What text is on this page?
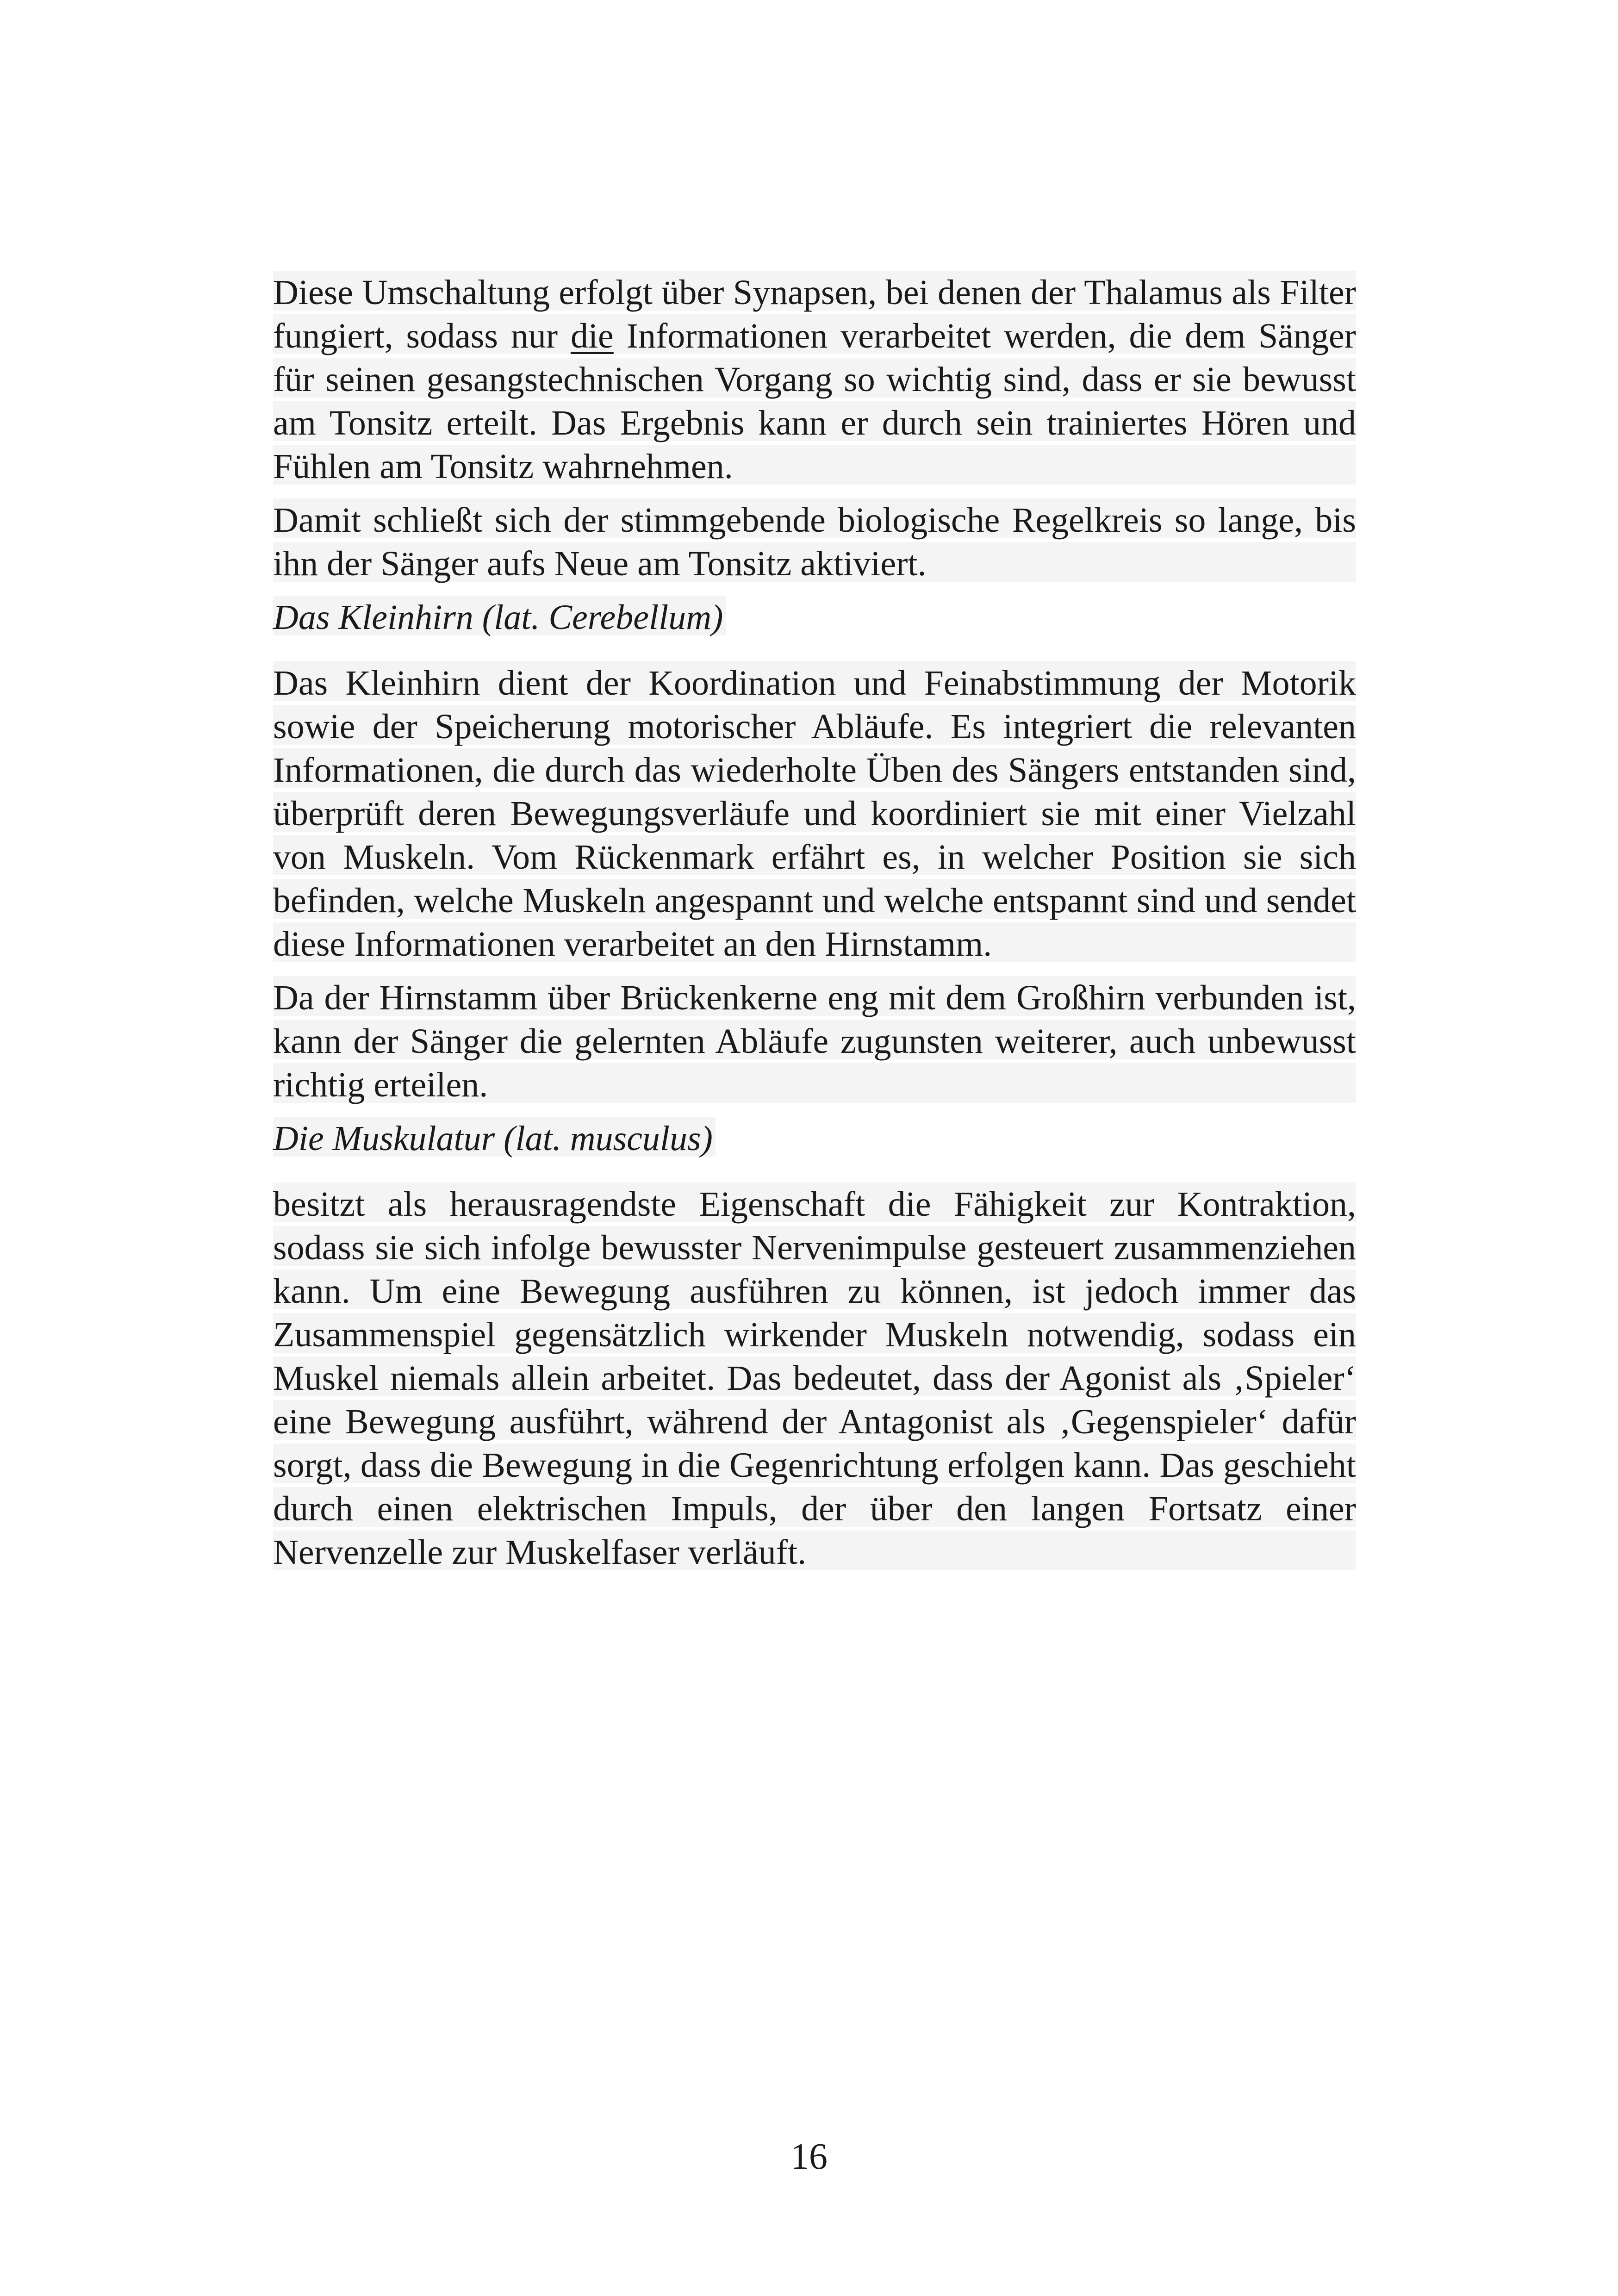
Diese Umschaltung erfolgt über Synapsen, bei denen der Thalamus als Filter fungiert, sodass nur die Informationen verarbeitet werden, die dem Sänger für seinen gesangstechnischen Vorgang so wichtig sind, dass er sie bewusst am Tonsitz erteilt. Das Ergebnis kann er durch sein trainiertes Hören und Fühlen am Tonsitz wahrnehmen.

Damit schließt sich der stimmgebende biologische Regelkreis so lange, bis ihn der Sänger aufs Neue am Tonsitz aktiviert.

Das Kleinhirn (lat. Cerebellum)

Das Kleinhirn dient der Koordination und Feinabstimmung der Motorik sowie der Speicherung motorischer Abläufe. Es integriert die relevanten Informationen, die durch das wiederholte Üben des Sängers entstanden sind, überprüft deren Bewegungsverläufe und koordiniert sie mit einer Vielzahl von Muskeln. Vom Rückenmark erfährt es, in welcher Position sie sich befinden, welche Muskeln angespannt und welche entspannt sind und sendet diese Informationen verarbeitet an den Hirnstamm.

Da der Hirnstamm über Brückenkerne eng mit dem Großhirn verbunden ist, kann der Sänger die gelernten Abläufe zugunsten weiterer, auch unbewusst richtig erteilen.

Die Muskulatur (lat. musculus)

besitzt als herausragendste Eigenschaft die Fähigkeit zur Kontraktion, sodass sie sich infolge bewusster Nervenimpulse gesteuert zusammenziehen kann. Um eine Bewegung ausführen zu können, ist jedoch immer das Zusammenspiel gegensätzlich wirkender Muskeln notwendig, sodass ein Muskel niemals allein arbeitet. Das bedeutet, dass der Agonist als ‚Spieler‘ eine Bewegung ausführt, während der Antagonist als ‚Gegenspieler‘ dafür sorgt, dass die Bewegung in die Gegenrichtung erfolgen kann. Das geschieht durch einen elektrischen Impuls, der über den langen Fortsatz einer Nervenzelle zur Muskelfaser verläuft.

16
